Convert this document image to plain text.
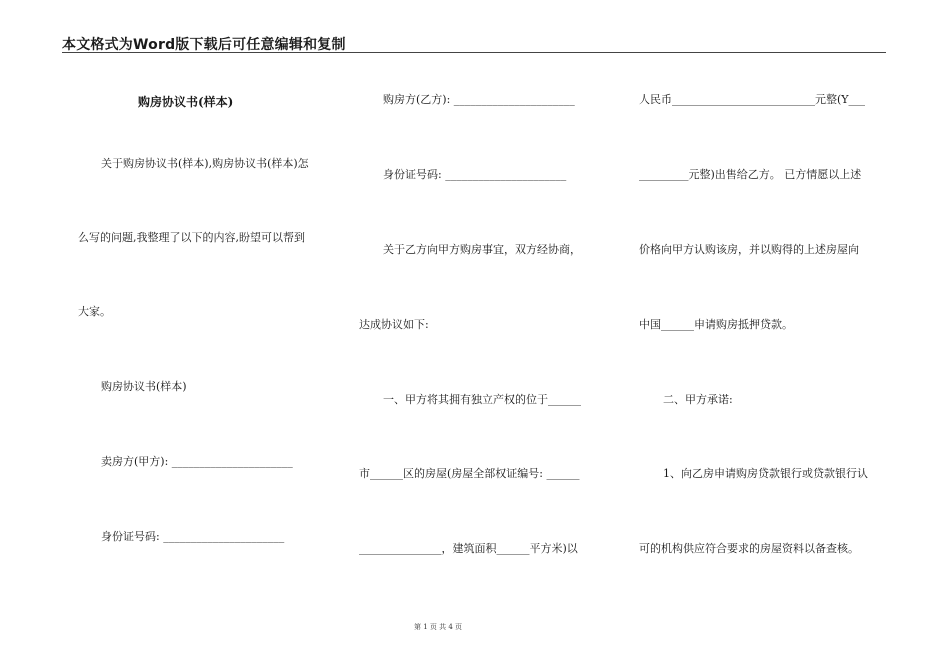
本文格式为Word版下载后可任意编辑和复制
购房协议书(样本)
关于购房协议书(样本),购房协议书(样本)怎
么写的问题,我整理了以下的内容,盼望可以帮到
大家。
购房协议书(样本)
卖房方(甲方): ______________________
身份证号码: ______________________
购房方(乙方): ______________________
身份证号码: ______________________
关于乙方向甲方购房事宜，双方经协商，
达成协议如下:
一、甲方将其拥有独立产权的位于______
市______区的房屋(房屋全部权证编号: ______
_______________，建筑面积______平方米)以
人民币__________________________元整(Y___
_________元整)出售给乙方。 已方情愿以上述
价格向甲方认购该房，并以购得的上述房屋向
中国______申请购房抵押贷款。
二、甲方承诺:
1、向乙房申请购房贷款银行或贷款银行认
可的机构供应符合要求的房屋资料以备查核。
第 1 页 共 4 页
